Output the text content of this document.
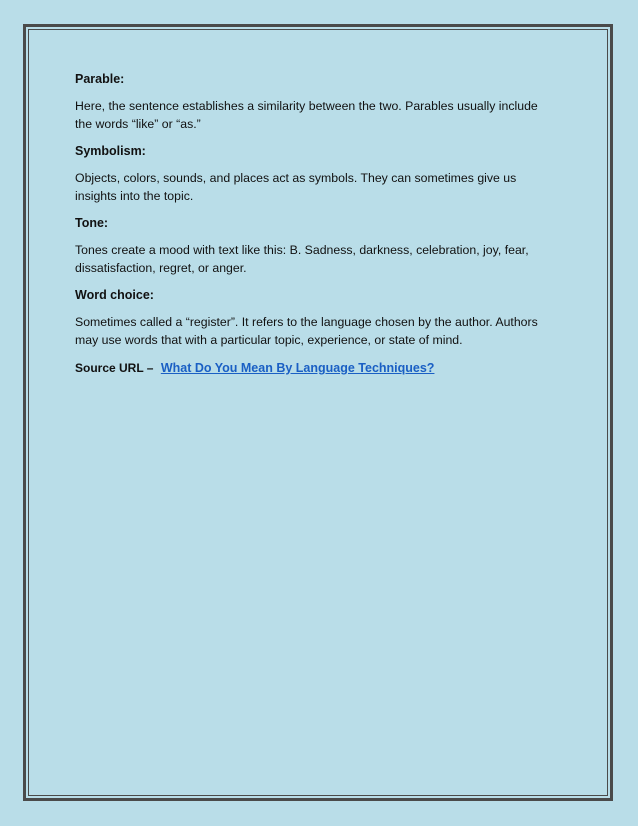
Parable:
Here, the sentence establishes a similarity between the two. Parables usually include the words “like” or “as.”
Symbolism:
Objects, colors, sounds, and places act as symbols. They can sometimes give us insights into the topic.
Tone:
Tones create a mood with text like this: B. Sadness, darkness, celebration, joy, fear, dissatisfaction, regret, or anger.
Word choice:
Sometimes called a “register”. It refers to the language chosen by the author. Authors may use words that with a particular topic, experience, or state of mind.
Source URL – What Do You Mean By Language Techniques?
